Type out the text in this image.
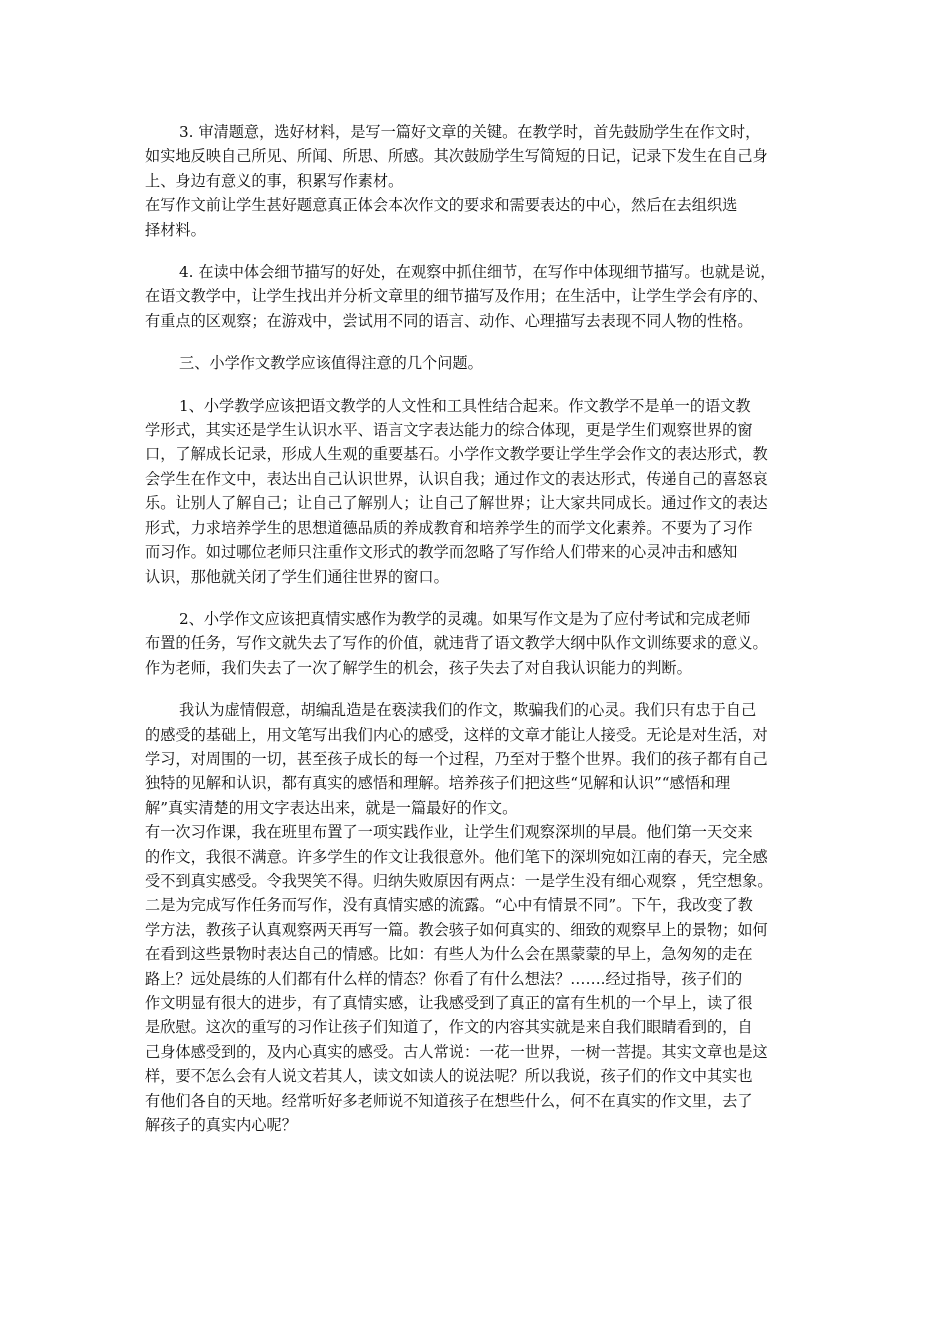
3. 审清题意，选好材料，是写一篇好文章的关键。在教学时，首先鼓励学生在作文时，
如实地反映自己所见、所闻、所思、所感。其次鼓励学生写简短的日记，记录下发生在自己身
上、身边有意义的事，积累写作素材。

在写作文前让学生甚好题意真正体会本次作文的要求和需要表达的中心，然后在去组织选
择材料。

4. 在读中体会细节描写的好处，在观察中抓住细节，在写作中体现细节描写。也就是说，
在语文教学中，让学生找出并分析文章里的细节描写及作用；在生活中，让学生学会有序的、
有重点的区观察；在游戏中，尝试用不同的语言、动作、心理描写去表现不同人物的性格。

三、小学作文教学应该值得注意的几个问题。

1、小学教学应该把语文教学的人文性和工具性结合起来。作文教学不是单一的语文教
学形式，其实还是学生认识水平、语言文字表达能力的综合体现，更是学生们观察世界的窗
口，了解成长记录，形成人生观的重要基石。小学作文教学要让学生学会作文的表达形式，教
会学生在作文中，表达出自己认识世界，认识自我；通过作文的表达形式，传递自己的喜怒哀
乐。让别人了解自己；让自己了解别人；让自己了解世界；让大家共同成长。通过作文的表达
形式，力求培养学生的思想道德品质的养成教育和培养学生的而学文化素养。不要为了习作
而习作。如过哪位老师只注重作文形式的教学而忽略了写作给人们带来的心灵冲击和感知
认识，那他就关闭了学生们通往世界的窗口。

2、小学作文应该把真情实感作为教学的灵魂。如果写作文是为了应付考试和完成老师
布置的任务，写作文就失去了写作的价值，就违背了语文教学大纲中队作文训练要求的意义。
作为老师，我们失去了一次了解学生的机会，孩子失去了对自我认识能力的判断。

我认为虚情假意，胡编乱造是在亵渎我们的作文，欺骗我们的心灵。我们只有忠于自己
的感受的基础上，用文笔写出我们内心的感受，这样的文章才能让人接受。无论是对生活，对
学习，对周围的一切，甚至孩子成长的每一个过程，乃至对于整个世界。我们的孩子都有自己
独特的见解和认识，都有真实的感悟和理解。培养孩子们把这些“见解和认识”“感悟和理
解”真实清楚的用文字表达出来，就是一篇最好的作文。

有一次习作课，我在班里布置了一项实践作业，让学生们观察深圳的早晨。他们第一天交来
的作文，我很不满意。许多学生的作文让我很意外。他们笔下的深圳宛如江南的春天，完全感
受不到真实感受。令我哭笑不得。归纳失败原因有两点：一是学生没有细心观察 ，凭空想象。
二是为完成写作任务而写作，没有真情实感的流露。“心中有情景不同”。下午，我改变了教
学方法，教孩子认真观察两天再写一篇。教会骇子如何真实的、细致的观察早上的景物；如何
在看到这些景物时表达自己的情感。比如：有些人为什么会在黑蒙蒙的早上，急匆匆的走在
路上？远处晨练的人们都有什么样的情态？你看了有什么想法？…….经过指导，孩子们的
作文明显有很大的进步，有了真情实感，让我感受到了真正的富有生机的一个早上，读了很
是欣慰。这次的重写的习作让孩子们知道了，作文的内容其实就是来自我们眼睛看到的，自
己身体感受到的，及内心真实的感受。古人常说：一花一世界，一树一菩提。其实文章也是这
样，要不怎么会有人说文若其人，读文如读人的说法呢？所以我说，孩子们的作文中其实也
有他们各自的天地。经常听好多老师说不知道孩子在想些什么，何不在真实的作文里，去了
解孩子的真实内心呢？
